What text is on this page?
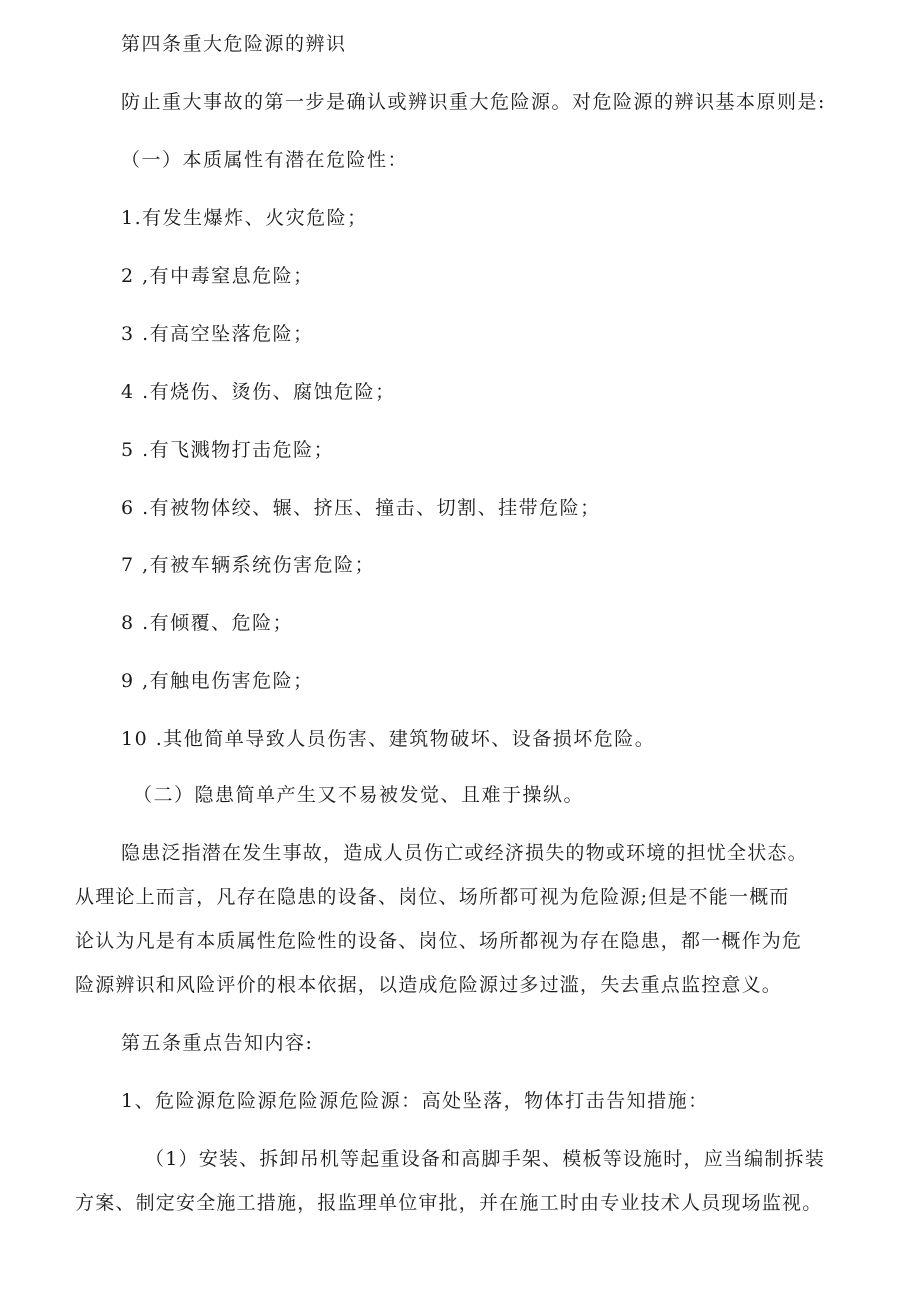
第四条重大危险源的辨识
防止重大事故的第一步是确认或辨识重大危险源。对危险源的辨识基本原则是:
（一）本质属性有潜在危险性：
1.有发生爆炸、火灾危险；
2 ,有中毒窒息危险；
3 .有高空坠落危险；
4 .有烧伤、烫伤、腐蚀危险；
5 .有飞溅物打击危险；
6 .有被物体绞、辗、挤压、撞击、切割、挂带危险；
7 ,有被车辆系统伤害危险；
8 .有倾覆、危险；
9 ,有触电伤害危险；
10 .其他简单导致人员伤害、建筑物破坏、设备损坏危险。
（二）隐患简单产生又不易被发觉、且难于操纵。
隐患泛指潜在发生事故，造成人员伤亡或经济损失的物或环境的担忧全状态。
从理论上而言，凡存在隐患的设备、岗位、场所都可视为危险源;但是不能一概而
论认为凡是有本质属性危险性的设备、岗位、场所都视为存在隐患，都一概作为危
险源辨识和风险评价的根本依据，以造成危险源过多过滥，失去重点监控意义。
第五条重点告知内容:
1、危险源危险源危险源危险源：高处坠落，物体打击告知措施：
（1）安装、拆卸吊机等起重设备和高脚手架、模板等设施时，应当编制拆装
方案、制定安全施工措施，报监理单位审批，并在施工时由专业技术人员现场监视。
